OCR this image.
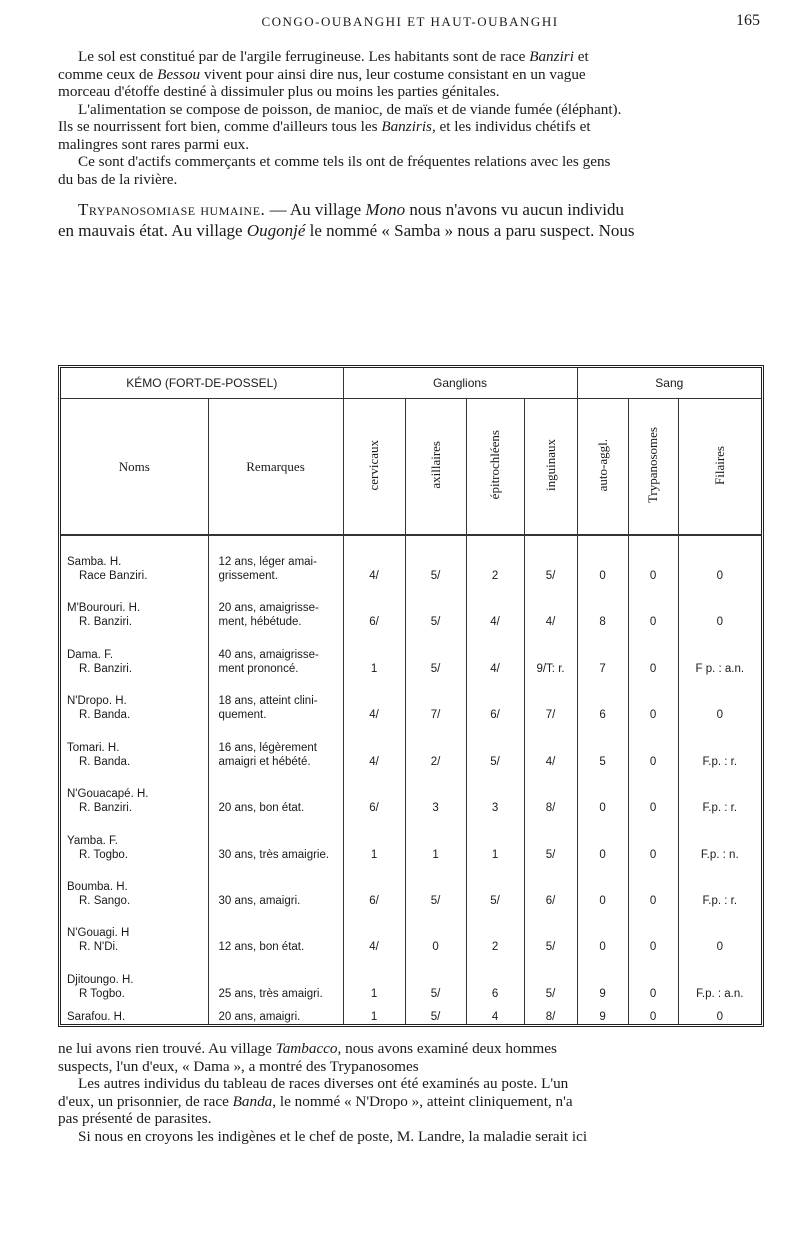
CONGO-OUBANGHI ET HAUT-OUBANGHI	165

Le sol est constitué par de l'argile ferrugineuse. Les habitants sont de race Banziri et

comme ceux de Bessou vivent pour ainsi dire nus, leur costume consistant en un vague

morceau d'étoffe destiné à dissimuler plus ou moins les parties génitales.

L'alimentation se compose de poisson, de manioc, de maïs et de viande fumée (éléphant).

Ils se nourrissent fort bien, comme d'ailleurs tous les Banziris, et les individus chétifs et

malingres sont rares parmi eux.

Ce sont d'actifs commerçants et comme tels ils ont de fréquentes relations avec les gens

du bas de la rivière.

Trypanosomiase humaine. — Au village Mono nous n'avons vu aucun individu

en mauvais état. Au village Ougonjé le nommé « Samba » nous a paru suspect. Nous

KÉMO (FORT-DE-POSSEL)		Ganglions				Sang		
Noms	Remarques	cervicaux	axillaires	épitrochléens	inguinaux	auto-aggl.	Trypanosomes	Filaires

Samba. H.
Race Banziri.	12 ans, léger amai-
grissement.	4/	5/	2	5/	0	0	0

M'Bourouri. H.
R. Banziri.	20 ans, amaigrisse-
ment, hébétude.	6/	5/	4/	4/	8	0	0

Dama. F.
R. Banziri.	40 ans, amaigrisse-
ment prononcé.	1	5/	4/	9/T: r.	7	0	F p. : a.n.

N'Dropo. H.
R. Banda.	18 ans, atteint clini-
quement.	4/	7/	6/	7/	6	0	0

Tomari. H.
R. Banda.	16 ans, légèrement
amaigri et hébété.	4/	2/	5/	4/	5	0	F.p. : r.

N'Gouacapé. H.
R. Banziri.	20 ans, bon état.	6/	3	3	8/	0	0	F.p. : r.

Yamba. F.
R. Togbo.	30 ans, très amaigrie.	1	1	1	5/	0	0	F.p. : n.

Boumba. H.
R. Sango.	30 ans, amaigri.	6/	5/	5/	6/	0	0	F.p. : r.

N'Gouagi. H
R. N'Di.	12 ans, bon état.	4/	0	2	5/	0	0	0

Djitoungo. H.
R Togbo.	25 ans, très amaigri.	1	5/	6	5/	9	0	F.p. : a.n.

Sarafou. H.	20 ans, amaigri.	1	5/	4	8/	9	0	0

ne lui avons rien trouvé. Au village Tambacco, nous avons examiné deux hommes

suspects, l'un d'eux, « Dama », a montré des Trypanosomes

Les autres individus du tableau de races diverses ont été examinés au poste. L'un

d'eux, un prisonnier, de race Banda, le nommé « N'Dropo », atteint cliniquement, n'a

pas présenté de parasites.

Si nous en croyons les indigènes et le chef de poste, M. Landre, la maladie serait ici
